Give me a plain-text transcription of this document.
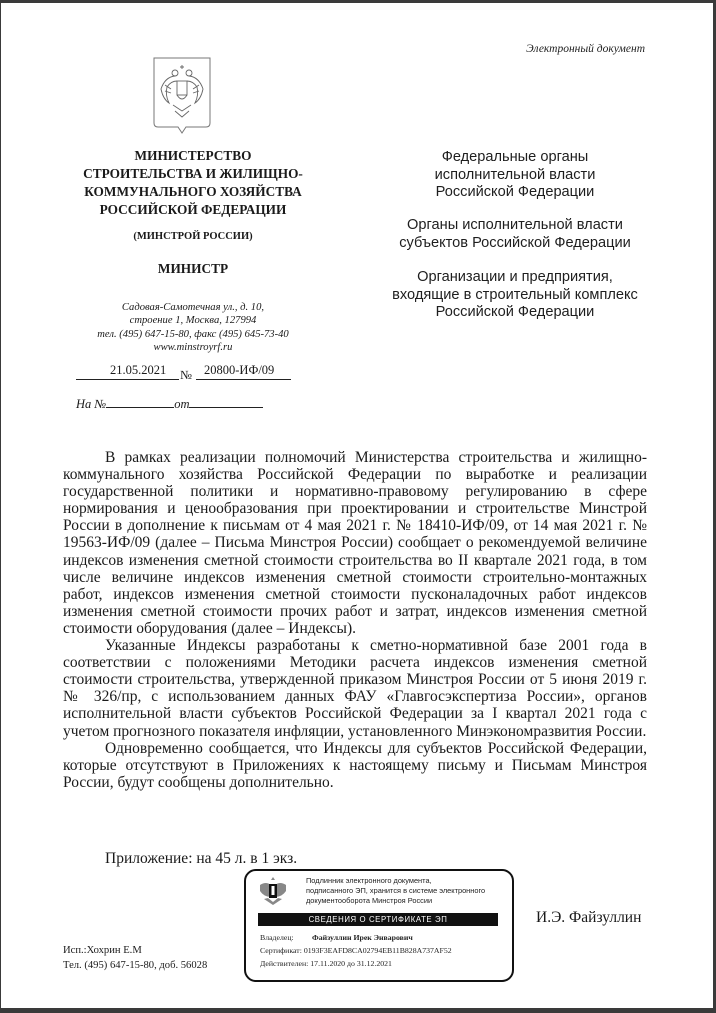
Электронный документ
МИНИСТЕРСТВО
СТРОИТЕЛЬСТВА И ЖИЛИЩНО-
КОММУНАЛЬНОГО ХОЗЯЙСТВА
РОССИЙСКОЙ ФЕДЕРАЦИИ
(МИНСТРОЙ РОССИИ)
МИНИСТР
Садовая-Самотечная ул., д. 10,
строение 1, Москва, 127994
тел. (495) 647-15-80, факс (495) 645-73-40
www.minstroyrf.ru
21.05.2021 № 20800-ИФ/09
На №	от
Федеральные органы
исполнительной власти
Российской Федерации
Органы исполнительной власти
субъектов Российской Федерации
Организации и предприятия,
входящие в строительный комплекс
Российской Федерации

В рамках реализации полномочий Министерства строительства и жилищно-коммунального хозяйства Российской Федерации по выработке и реализации государственной политики и нормативно-правовому регулированию в сфере нормирования и ценообразования при проектировании и строительстве Минстрой России в дополнение к письмам от 4 мая 2021 г. № 18410-ИФ/09, от 14 мая 2021 г. № 19563-ИФ/09 (далее – Письма Минстроя России) сообщает о рекомендуемой величине индексов изменения сметной стоимости строительства во II квартале 2021 года, в том числе величине индексов изменения сметной стоимости строительно-монтажных работ, индексов изменения сметной стоимости пусконаладочных работ индексов изменения сметной стоимости прочих работ и затрат, индексов изменения сметной стоимости оборудования (далее – Индексы).

Указанные Индексы разработаны к сметно-нормативной базе 2001 года в соответствии с положениями Методики расчета индексов изменения сметной стоимости строительства, утвержденной приказом Минстроя России от 5 июня 2019 г. № 326/пр, с использованием данных ФАУ «Главгосэкспертиза России», органов исполнительной власти субъектов Российской Федерации за I квартал 2021 года с учетом прогнозного показателя инфляции, установленного Минэкономразвития России.

Одновременно сообщается, что Индексы для субъектов Российской Федерации, которые отсутствуют в Приложениях к настоящему письму и Письмам Минстроя России, будут сообщены дополнительно.

Приложение: на 45 л. в 1 экз.
Подлинник электронного документа,
подписанного ЭП, хранится в системе электронного
документооборота Минстроя России
СВЕДЕНИЯ О СЕРТИФИКАТЕ ЭП
Владелец: Файзуллин Ирек Энварович
Сертификат: 0193F3EAFD8CA02794EB11B828A737AF52
Действителен: 17.11.2020 до 31.12.2021
И.Э. Файзуллин
Исп.:Хохрин Е.М
Тел. (495) 647-15-80, доб. 56028
